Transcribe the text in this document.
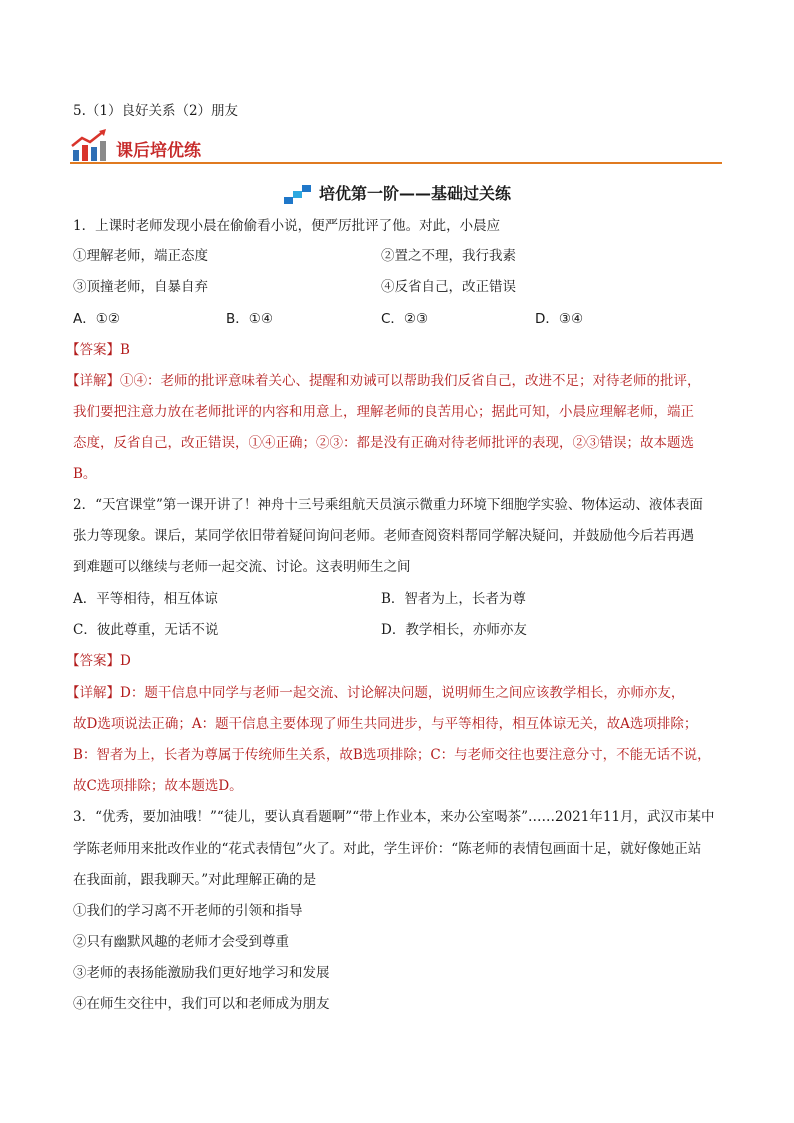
5.（1）良好关系（2）朋友
课后培优练
培优第一阶——基础过关练
1．上课时老师发现小晨在偷偷看小说，便严厉批评了他。对此，小晨应
①理解老师，端正态度	②置之不理，我行我素
③顶撞老师，自暴自弃	④反省自己，改正错误
A．①②	B．①④	C．②③	D．③④
【答案】B
【详解】①④：老师的批评意味着关心、提醒和劝诫可以帮助我们反省自己，改进不足；对待老师的批评，
我们要把注意力放在老师批评的内容和用意上，理解老师的良苦用心；据此可知，小晨应理解老师，端正
态度，反省自己，改正错误，①④正确；②③：都是没有正确对待老师批评的表现，②③错误；故本题选
B。
2．“天宫课堂”第一课开讲了！神舟十三号乘组航天员演示微重力环境下细胞学实验、物体运动、液体表面
张力等现象。课后，某同学依旧带着疑问询问老师。老师查阅资料帮同学解决疑问，并鼓励他今后若再遇
到难题可以继续与老师一起交流、讨论。这表明师生之间
A．平等相待，相互体谅	B．智者为上，长者为尊
C．彼此尊重，无话不说	D．教学相长，亦师亦友
【答案】D
【详解】D：题干信息中同学与老师一起交流、讨论解决问题，说明师生之间应该教学相长，亦师亦友，
故D选项说法正确；A：题干信息主要体现了师生共同进步，与平等相待，相互体谅无关，故A选项排除；
B：智者为上，长者为尊属于传统师生关系，故B选项排除；C：与老师交往也要注意分寸，不能无话不说，
故C选项排除；故本题选D。
3．“优秀，要加油哦！”“徒儿，要认真看题啊”“带上作业本，来办公室喝茶”……2021年11月，武汉市某中
学陈老师用来批改作业的“花式表情包”火了。对此，学生评价：“陈老师的表情包画面十足，就好像她正站
在我面前，跟我聊天。”对此理解正确的是
①我们的学习离不开老师的引领和指导
②只有幽默风趣的老师才会受到尊重
③老师的表扬能激励我们更好地学习和发展
④在师生交往中，我们可以和老师成为朋友
